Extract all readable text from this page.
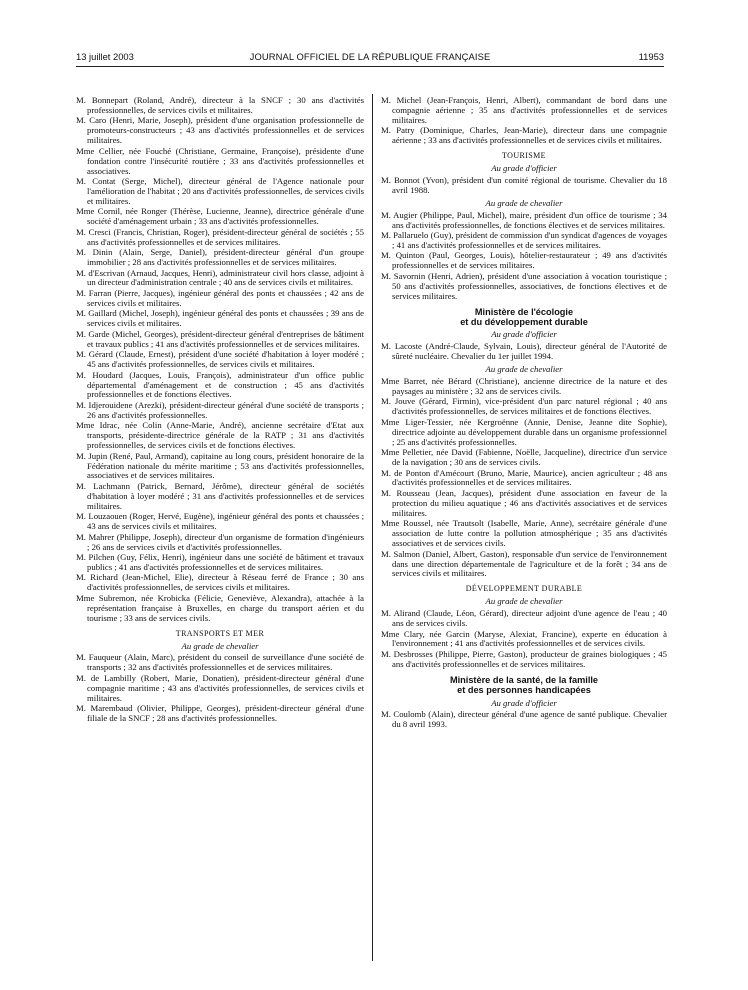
13 juillet 2003	JOURNAL OFFICIEL DE LA RÉPUBLIQUE FRANÇAISE	11953
M. Bonnepart (Roland, André), directeur à la SNCF ; 30 ans d'activités professionnelles, de services civils et militaires.
M. Caro (Henri, Marie, Joseph), président d'une organisation professionnelle de promoteurs-constructeurs ; 43 ans d'activités professionnelles et de services militaires.
Mme Cellier, née Fouché (Christiane, Germaine, Françoise), présidente d'une fondation contre l'insécurité routière ; 33 ans d'activités professionnelles et associatives.
M. Contat (Serge, Michel), directeur général de l'Agence nationale pour l'amélioration de l'habitat ; 20 ans d'activités professionnelles, de services civils et militaires.
Mme Cornil, née Ronger (Thérèse, Lucienne, Jeanne), directrice générale d'une société d'aménagement urbain ; 33 ans d'activités professionnelles.
M. Cresci (Francis, Christian, Roger), président-directeur général de sociétés ; 55 ans d'activités professionnelles et de services militaires.
M. Dinin (Alain, Serge, Daniel), président-directeur général d'un groupe immobilier ; 28 ans d'activités professionnelles et de services militaires.
M. d'Escrivan (Arnaud, Jacques, Henri), administrateur civil hors classe, adjoint à un directeur d'administration centrale ; 40 ans de services civils et militaires.
M. Farran (Pierre, Jacques), ingénieur général des ponts et chaussées ; 42 ans de services civils et militaires.
M. Gaillard (Michel, Joseph), ingénieur général des ponts et chaussées ; 39 ans de services civils et militaires.
M. Garde (Michel, Georges), président-directeur général d'entreprises de bâtiment et travaux publics ; 41 ans d'activités professionnelles et de services militaires.
M. Gérard (Claude, Ernest), président d'une société d'habitation à loyer modéré ; 45 ans d'activités professionnelles, de services civils et militaires.
M. Houdard (Jacques, Louis, François), administrateur d'un office public départemental d'aménagement et de construction ; 45 ans d'activités professionnelles et de fonctions électives.
M. Idjerouidene (Arezki), président-directeur général d'une société de transports ; 26 ans d'activités professionnelles.
Mme Idrac, née Colin (Anne-Marie, André), ancienne secrétaire d'Etat aux transports, présidente-directrice générale de la RATP ; 31 ans d'activités professionnelles, de services civils et de fonctions électives.
M. Jupin (René, Paul, Armand), capitaine au long cours, président honoraire de la Fédération nationale du mérite maritime ; 53 ans d'activités professionnelles, associatives et de services militaires.
M. Lachmann (Patrick, Bernard, Jérôme), directeur général de sociétés d'habitation à loyer modéré ; 31 ans d'activités professionnelles et de services militaires.
M. Louzaouen (Roger, Hervé, Eugène), ingénieur général des ponts et chaussées ; 43 ans de services civils et militaires.
M. Mahrer (Philippe, Joseph), directeur d'un organisme de formation d'ingénieurs ; 26 ans de services civils et d'activités professionnelles.
M. Pilchen (Guy, Félix, Henri), ingénieur dans une société de bâtiment et travaux publics ; 41 ans d'activités professionnelles et de services militaires.
M. Richard (Jean-Michel, Elie), directeur à Réseau ferré de France ; 30 ans d'activités professionnelles, de services civils et militaires.
Mme Subremon, née Krobicka (Félicie, Geneviève, Alexandra), attachée à la représentation française à Bruxelles, en charge du transport aérien et du tourisme ; 33 ans de services civils.
TRANSPORTS ET MER
Au grade de chevalier
M. Fauqueur (Alain, Marc), président du conseil de surveillance d'une société de transports ; 32 ans d'activités professionnelles et de services militaires.
M. de Lambilly (Robert, Marie, Donatien), président-directeur général d'une compagnie maritime ; 43 ans d'activités professionnelles, de services civils et militaires.
M. Marembaud (Olivier, Philippe, Georges), président-directeur général d'une filiale de la SNCF ; 28 ans d'activités professionnelles.
M. Michel (Jean-François, Henri, Albert), commandant de bord dans une compagnie aérienne ; 35 ans d'activités professionnelles et de services militaires.
M. Patry (Dominique, Charles, Jean-Marie), directeur dans une compagnie aérienne ; 33 ans d'activités professionnelles et de services civils et militaires.
TOURISME
Au grade d'officier
M. Bonnot (Yvon), président d'un comité régional de tourisme. Chevalier du 18 avril 1988.
Au grade de chevalier
M. Augier (Philippe, Paul, Michel), maire, président d'un office de tourisme ; 34 ans d'activités professionnelles, de fonctions électives et de services militaires.
M. Pallaruelo (Guy), président de commission d'un syndicat d'agences de voyages ; 41 ans d'activités professionnelles et de services militaires.
M. Quinton (Paul, Georges, Louis), hôtelier-restaurateur ; 49 ans d'activités professionnelles et de services militaires.
M. Savornin (Henri, Adrien), président d'une association à vocation touristique ; 50 ans d'activités professionnelles, associatives, de fonctions électives et de services militaires.
Ministère de l'écologie
et du développement durable
Au grade d'officier
M. Lacoste (André-Claude, Sylvain, Louis), directeur général de l'Autorité de sûreté nucléaire. Chevalier du 1er juillet 1994.
Au grade de chevalier
Mme Barret, née Bérard (Christiane), ancienne directrice de la nature et des paysages au ministère ; 32 ans de services civils.
M. Jouve (Gérard, Firmin), vice-président d'un parc naturel régional ; 40 ans d'activités professionnelles, de services militaires et de fonctions électives.
Mme Liger-Tessier, née Kergroënne (Annie, Denise, Jeanne dite Sophie), directrice adjointe au développement durable dans un organisme professionnel ; 25 ans d'activités professionnelles.
Mme Pelletier, née David (Fabienne, Noëlle, Jacqueline), directrice d'un service de la navigation ; 30 ans de services civils.
M. de Ponton d'Amécourt (Bruno, Marie, Maurice), ancien agriculteur ; 48 ans d'activités professionnelles et de services militaires.
M. Rousseau (Jean, Jacques), président d'une association en faveur de la protection du milieu aquatique ; 46 ans d'activités associatives et de services militaires.
Mme Roussel, née Trautsolt (Isabelle, Marie, Anne), secrétaire générale d'une association de lutte contre la pollution atmosphérique ; 35 ans d'activités associatives et de services civils.
M. Salmon (Daniel, Albert, Gaston), responsable d'un service de l'environnement dans une direction départementale de l'agriculture et de la forêt ; 34 ans de services civils et militaires.
DÉVELOPPEMENT DURABLE
Au grade de chevalier
M. Alirand (Claude, Léon, Gérard), directeur adjoint d'une agence de l'eau ; 40 ans de services civils.
Mme Clary, née Garcin (Maryse, Alexiat, Francine), experte en éducation à l'environnement ; 41 ans d'activités professionnelles et de services civils.
M. Desbrosses (Philippe, Pierre, Gaston), producteur de graines biologiques ; 45 ans d'activités professionnelles et de services militaires.
Ministère de la santé, de la famille
et des personnes handicapées
Au grade d'officier
M. Coulomb (Alain), directeur général d'une agence de santé publique. Chevalier du 8 avril 1993.
